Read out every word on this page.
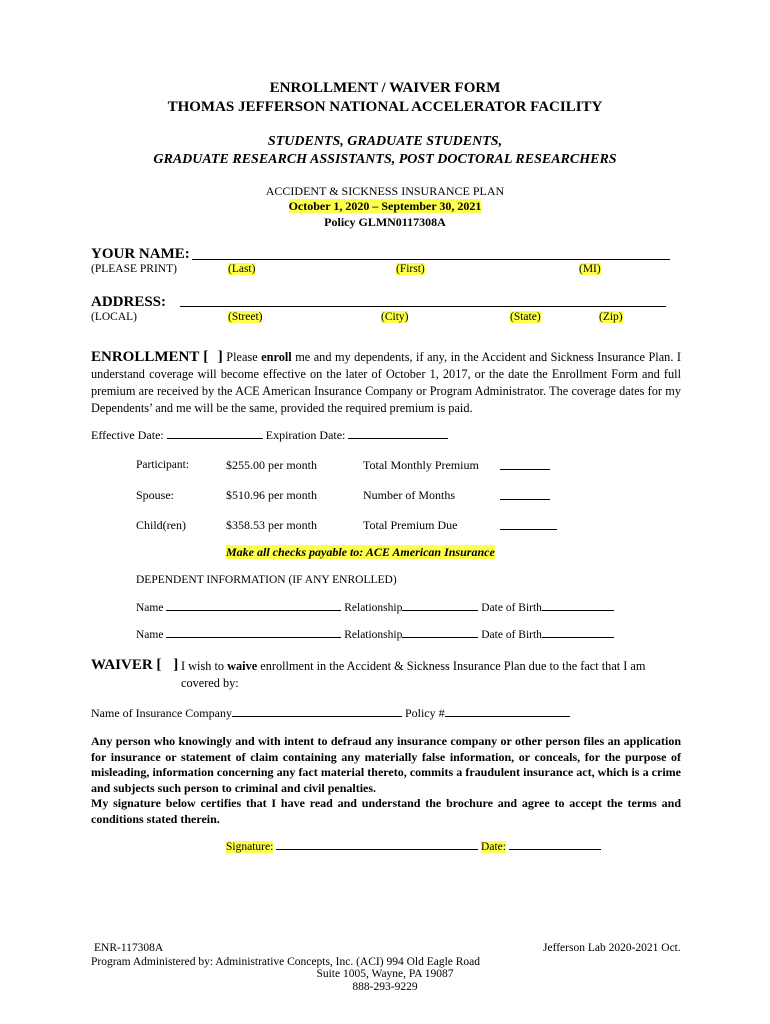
ENROLLMENT / WAIVER FORM
THOMAS JEFFERSON NATIONAL ACCELERATOR FACILITY
STUDENTS, GRADUATE STUDENTS,
GRADUATE RESEARCH ASSISTANTS, POST DOCTORAL RESEARCHERS
ACCIDENT & SICKNESS INSURANCE PLAN
October 1, 2020 – September 30, 2021
Policy GLMN0117308A
YOUR NAME:
(PLEASE PRINT)	(Last)	(First)	(MI)
ADDRESS:
(LOCAL)	(Street)	(City)	(State)	(Zip)
ENROLLMENT [ ] Please enroll me and my dependents, if any, in the Accident and Sickness Insurance Plan. I understand coverage will become effective on the later of October 1, 2017, or the date the Enrollment Form and full premium are received by the ACE American Insurance Company or Program Administrator. The coverage dates for my Dependents’ and me will be the same, provided the required premium is paid.
Effective Date:	Expiration Date:
Participant:	$255.00 per month	Total Monthly Premium
Spouse:	$510.96 per month	Number of Months
Child(ren)	$358.53 per month	Total Premium Due
Make all checks payable to: ACE American Insurance
DEPENDENT INFORMATION (IF ANY ENROLLED)
Name	Relationship	Date of Birth
Name	Relationship	Date of Birth
WAIVER [ ] I wish to waive enrollment in the Accident & Sickness Insurance Plan due to the fact that I am
covered by:
Name of Insurance Company	Policy #
Any person who knowingly and with intent to defraud any insurance company or other person files an application for insurance or statement of claim containing any materially false information, or conceals, for the purpose of misleading, information concerning any fact material thereto, commits a fraudulent insurance act, which is a crime and subjects such person to criminal and civil penalties.
My signature below certifies that I have read and understand the brochure and agree to accept the terms and conditions stated therein.
Signature:	Date:
ENR-117308A	Jefferson Lab 2020-2021 Oct.
Program Administered by: Administrative Concepts, Inc. (ACI) 994 Old Eagle Road
Suite 1005, Wayne, PA 19087
888-293-9229
